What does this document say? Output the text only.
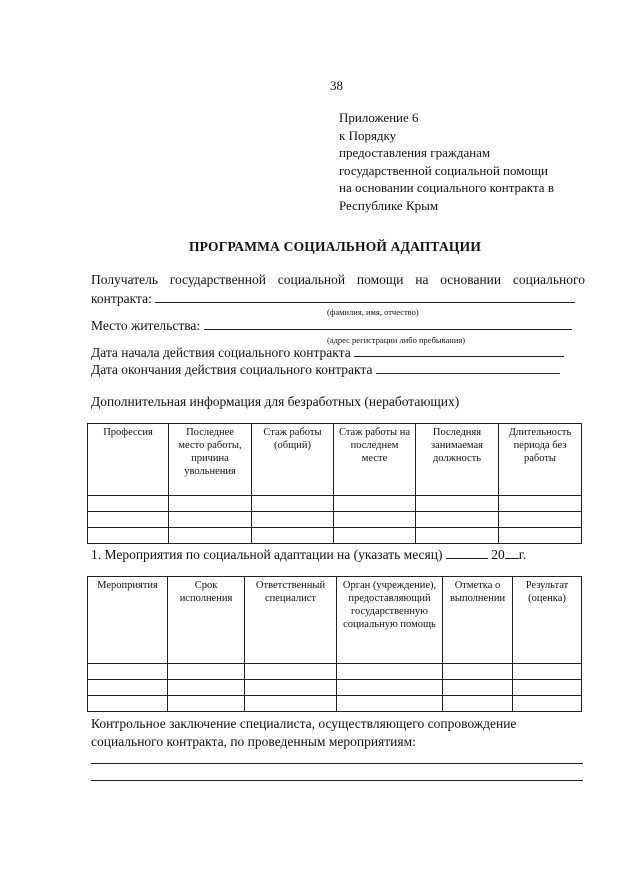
38
Приложение 6
к Порядку
предоставления гражданам
государственной социальной помощи
на основании социального контракта в
Республике Крым
ПРОГРАММА СОЦИАЛЬНОЙ АДАПТАЦИИ
Получатель государственной социальной помощи на основании социального
контракта:
(фамилия, имя, отчество)
Место жительства:
(адрес регистрации либо пребывания)
Дата начала действия социального контракта
Дата окончания действия социального контракта
Дополнительная информация для безработных (неработающих)
Профессия	Последнее место работы, причина увольнения	Стаж работы (общий)	Стаж работы на последнем месте	Последняя занимаемая должность	Длительность периода без работы

1. Мероприятия по социальной адаптации на (указать месяц)	20 г.
Мероприятия	Срок исполнения	Ответственный специалист	Орган (учреждение), предоставляющий государственную социальную помощь	Отметка о выполнении	Результат (оценка)

Контрольное заключение специалиста, осуществляющего сопровождение
социального контракта, по проведенным мероприятиям:
